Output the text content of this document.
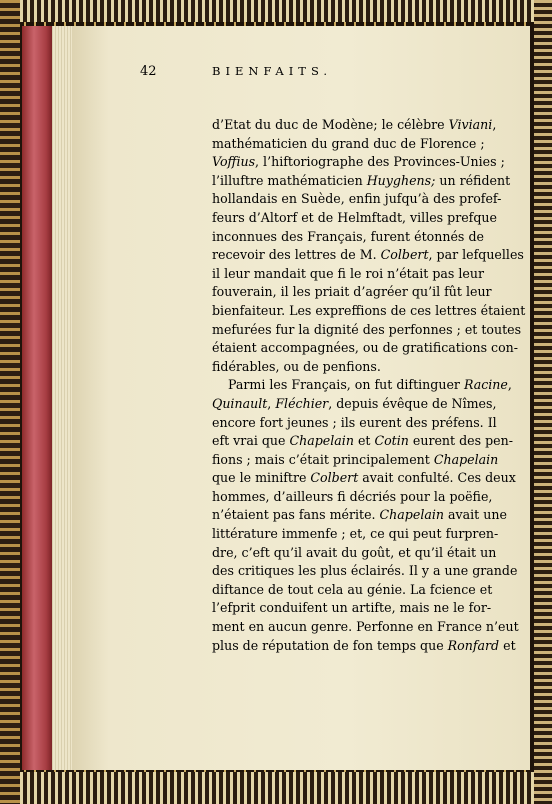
42	BIENFAITS.
d’Etat du duc de Modène; le célèbre Viviani,
mathématicien du grand duc de Florence ;
Voffius, l’hiftoriographe des Provinces-Unies ;
l’illuftre mathématicien Huyghens; un réfident
hollandais en Suède, enfin jufqu’à des profef-
feurs d’Altorf et de Helmftadt, villes prefque
inconnues des Français, furent étonnés de
recevoir des lettres de M. Colbert, par lefquelles
il leur mandait que fi le roi n’était pas leur
fouverain, il les priait d’agréer qu’il fût leur
bienfaiteur. Les expreffions de ces lettres étaient
mefurées fur la dignité des perfonnes ; et toutes
étaient accompagnées, ou de gratifications con-
fidérables, ou de penfions.
Parmi les Français, on fut diftinguer Racine,
Quinault, Fléchier, depuis évêque de Nîmes,
encore fort jeunes ; ils eurent des préfens. Il
eft vrai que Chapelain et Cotin eurent des pen-
fions ; mais c’était principalement Chapelain
que le miniftre Colbert avait confulté. Ces deux
hommes, d’ailleurs fi décriés pour la poëfie,
n’étaient pas fans mérite. Chapelain avait une
littérature immenfe ; et, ce qui peut furpren-
dre, c’eft qu’il avait du goût, et qu’il était un
des critiques les plus éclairés. Il y a une grande
diftance de tout cela au génie. La fcience et
l’efprit conduifent un artifte, mais ne le for-
ment en aucun genre. Perfonne en France n’eut
plus de réputation de fon temps que Ronfard et
